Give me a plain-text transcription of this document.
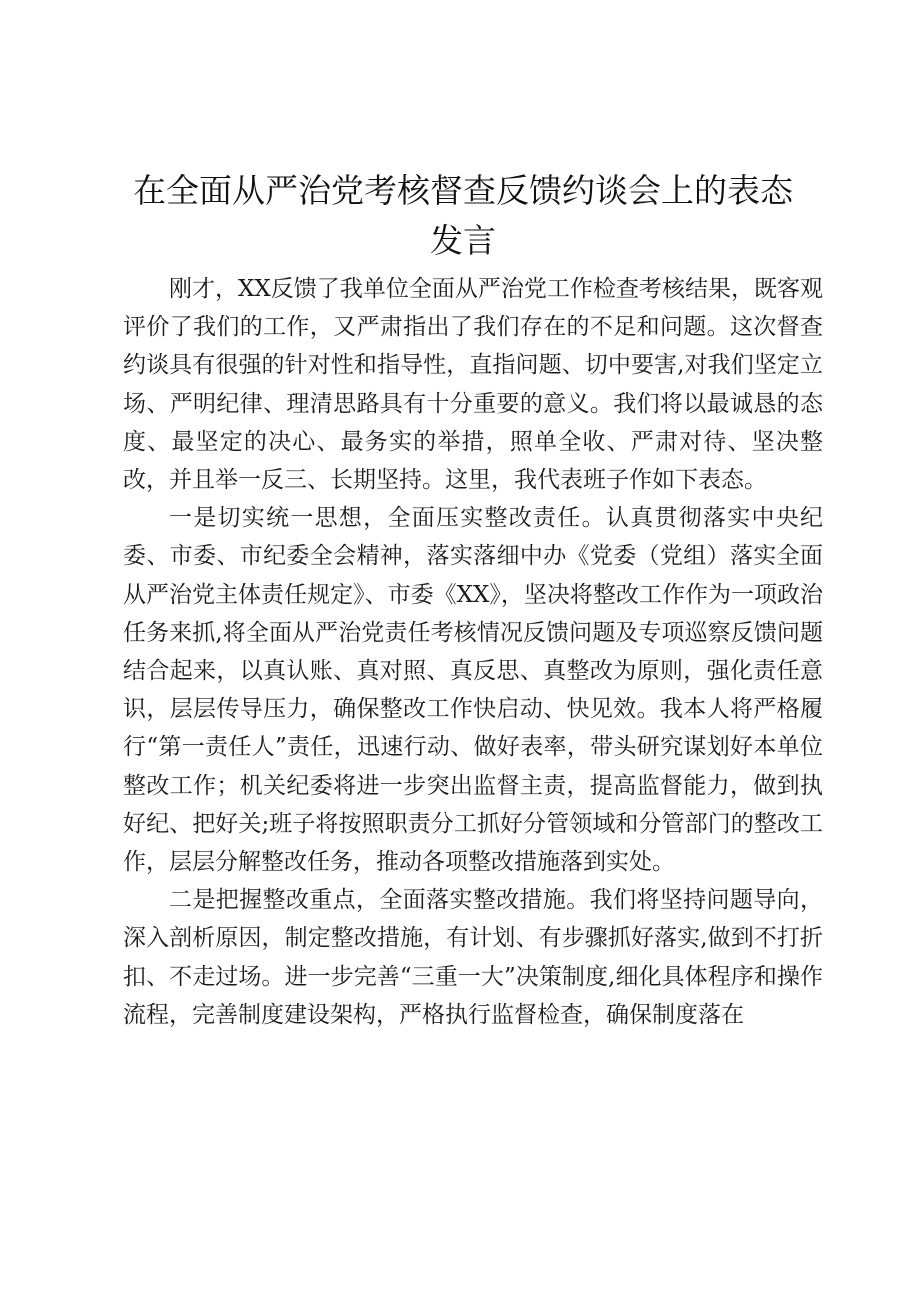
在全面从严治党考核督查反馈约谈会上的表态发言

刚才，XX反馈了我单位全面从严治党工作检查考核结果，既客观评价了我们的工作，又严肃指出了我们存在的不足和问题。这次督查约谈具有很强的针对性和指导性，直指问题、切中要害,对我们坚定立场、严明纪律、理清思路具有十分重要的意义。我们将以最诚恳的态度、最坚定的决心、最务实的举措，照单全收、严肃对待、坚决整改，并且举一反三、长期坚持。这里，我代表班子作如下表态。

一是切实统一思想，全面压实整改责任。认真贯彻落实中央纪委、市委、市纪委全会精神，落实落细中办《党委（党组）落实全面从严治党主体责任规定》、市委《XX》，坚决将整改工作作为一项政治任务来抓,将全面从严治党责任考核情况反馈问题及专项巡察反馈问题结合起来，以真认账、真对照、真反思、真整改为原则，强化责任意识，层层传导压力，确保整改工作快启动、快见效。我本人将严格履行“第一责任人”责任，迅速行动、做好表率，带头研究谋划好本单位整改工作；机关纪委将进一步突出监督主责，提高监督能力，做到执好纪、把好关;班子将按照职责分工抓好分管领域和分管部门的整改工作，层层分解整改任务，推动各项整改措施落到实处。

二是把握整改重点，全面落实整改措施。我们将坚持问题导向，深入剖析原因，制定整改措施，有计划、有步骤抓好落实,做到不打折扣、不走过场。进一步完善“三重一大”决策制度,细化具体程序和操作流程，完善制度建设架构，严格执行监督检查，确保制度落在
